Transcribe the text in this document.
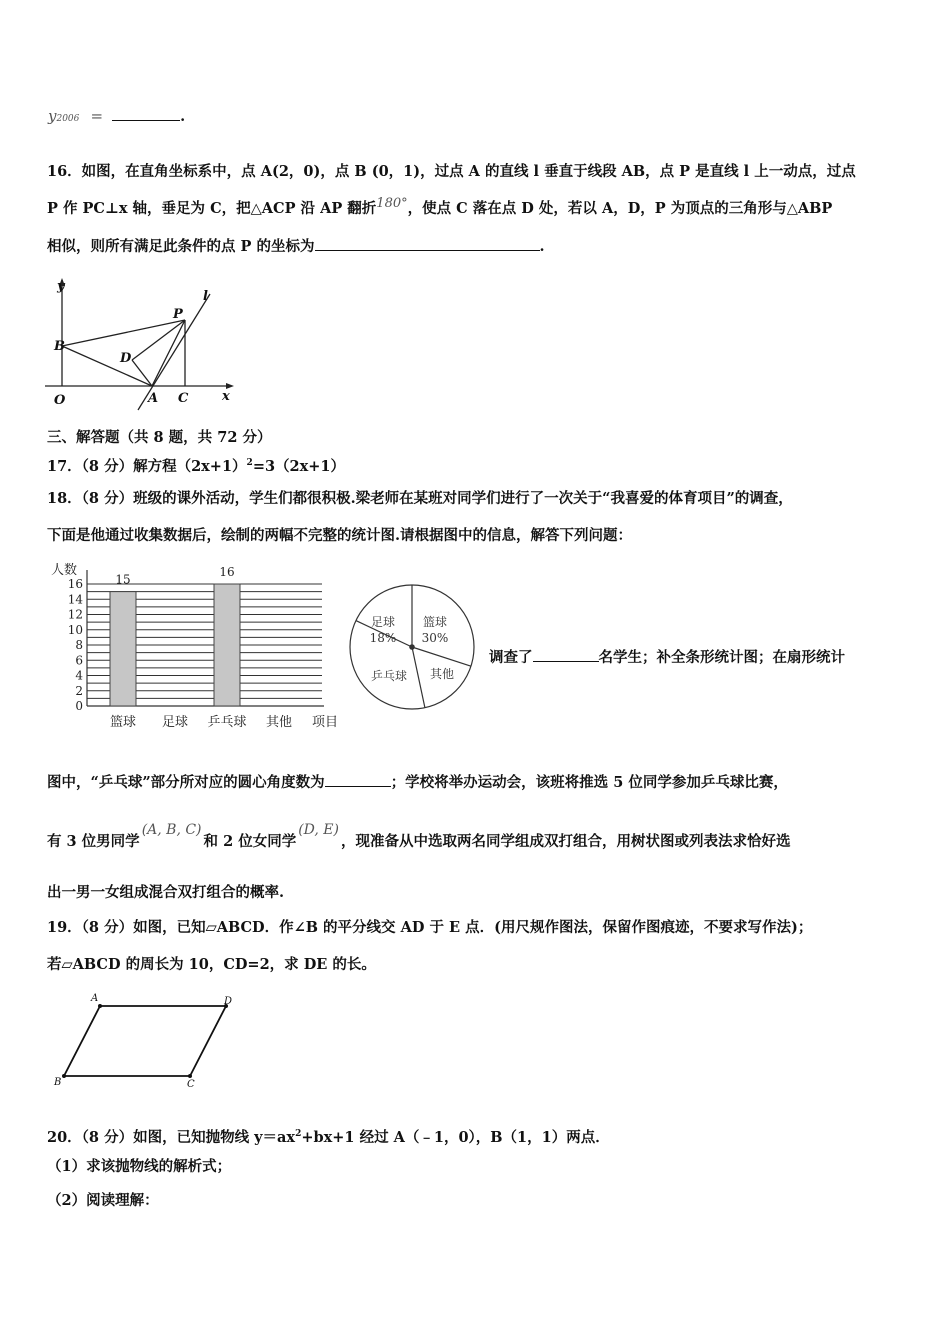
y2006 =	.
16．如图，在直角坐标系中，点 A(2，0)，点 B (0，1)，过点 A 的直线 l 垂直于线段 AB，点 P 是直线 l 上一动点，过点
P 作 PC⊥x 轴，垂足为 C，把△ACP 沿 AP 翻折180°，使点 C 落在点 D 处，若以 A，D，P 为顶点的三角形与△ABP
相似，则所有满足此条件的点 P 的坐标为	.
y
x
l
P
B
D
O	A C
三、解答题（共 8 题，共 72 分）
17．（8 分）解方程$(2x+1)^2=3(2x+1)$
18．（8 分）班级的课外活动，学生们都很积极.梁老师在某班对同学们进行了一次关于“我喜爱的体育项目”的调查，
下面是他通过收集数据后，绘制的两幅不完整的统计图.请根据图中的信息，解答下列问题：
0
2
4
6
8
10
12
14
16
人数
项目
篮球
15
足球 乒乓球
16
其他
篮球
30%
足球
18%
乒乓球 其他
调查了	名学生；补全条形统计图；在扇形统计
图中，“乒乓球”部分所对应的圆心角度数为	；学校将举办运动会，该班将推选 5 位同学参加乒乓球比赛，
有 3 位男同学(A, B, C)和 2 位女同学(D, E)，现准备从中选取两名同学组成双打组合，用树状图或列表法求恰好选
出一男一女组成混合双打组合的概率.
19．（8 分）如图，已知▱ABCD．作∠B 的平分线交 AD 于 E 点．(用尺规作图法，保留作图痕迹，不要求写作法)；
若▱ABCD 的周长为 10，CD=2，求 DE 的长。
A	D
B	C
20．（8 分）如图，已知抛物线 $y=ax^2+bx+1$ 经过 A（﹣1，0），B（1，1）两点．
（1）求该抛物线的解析式；
（2）阅读理解：
